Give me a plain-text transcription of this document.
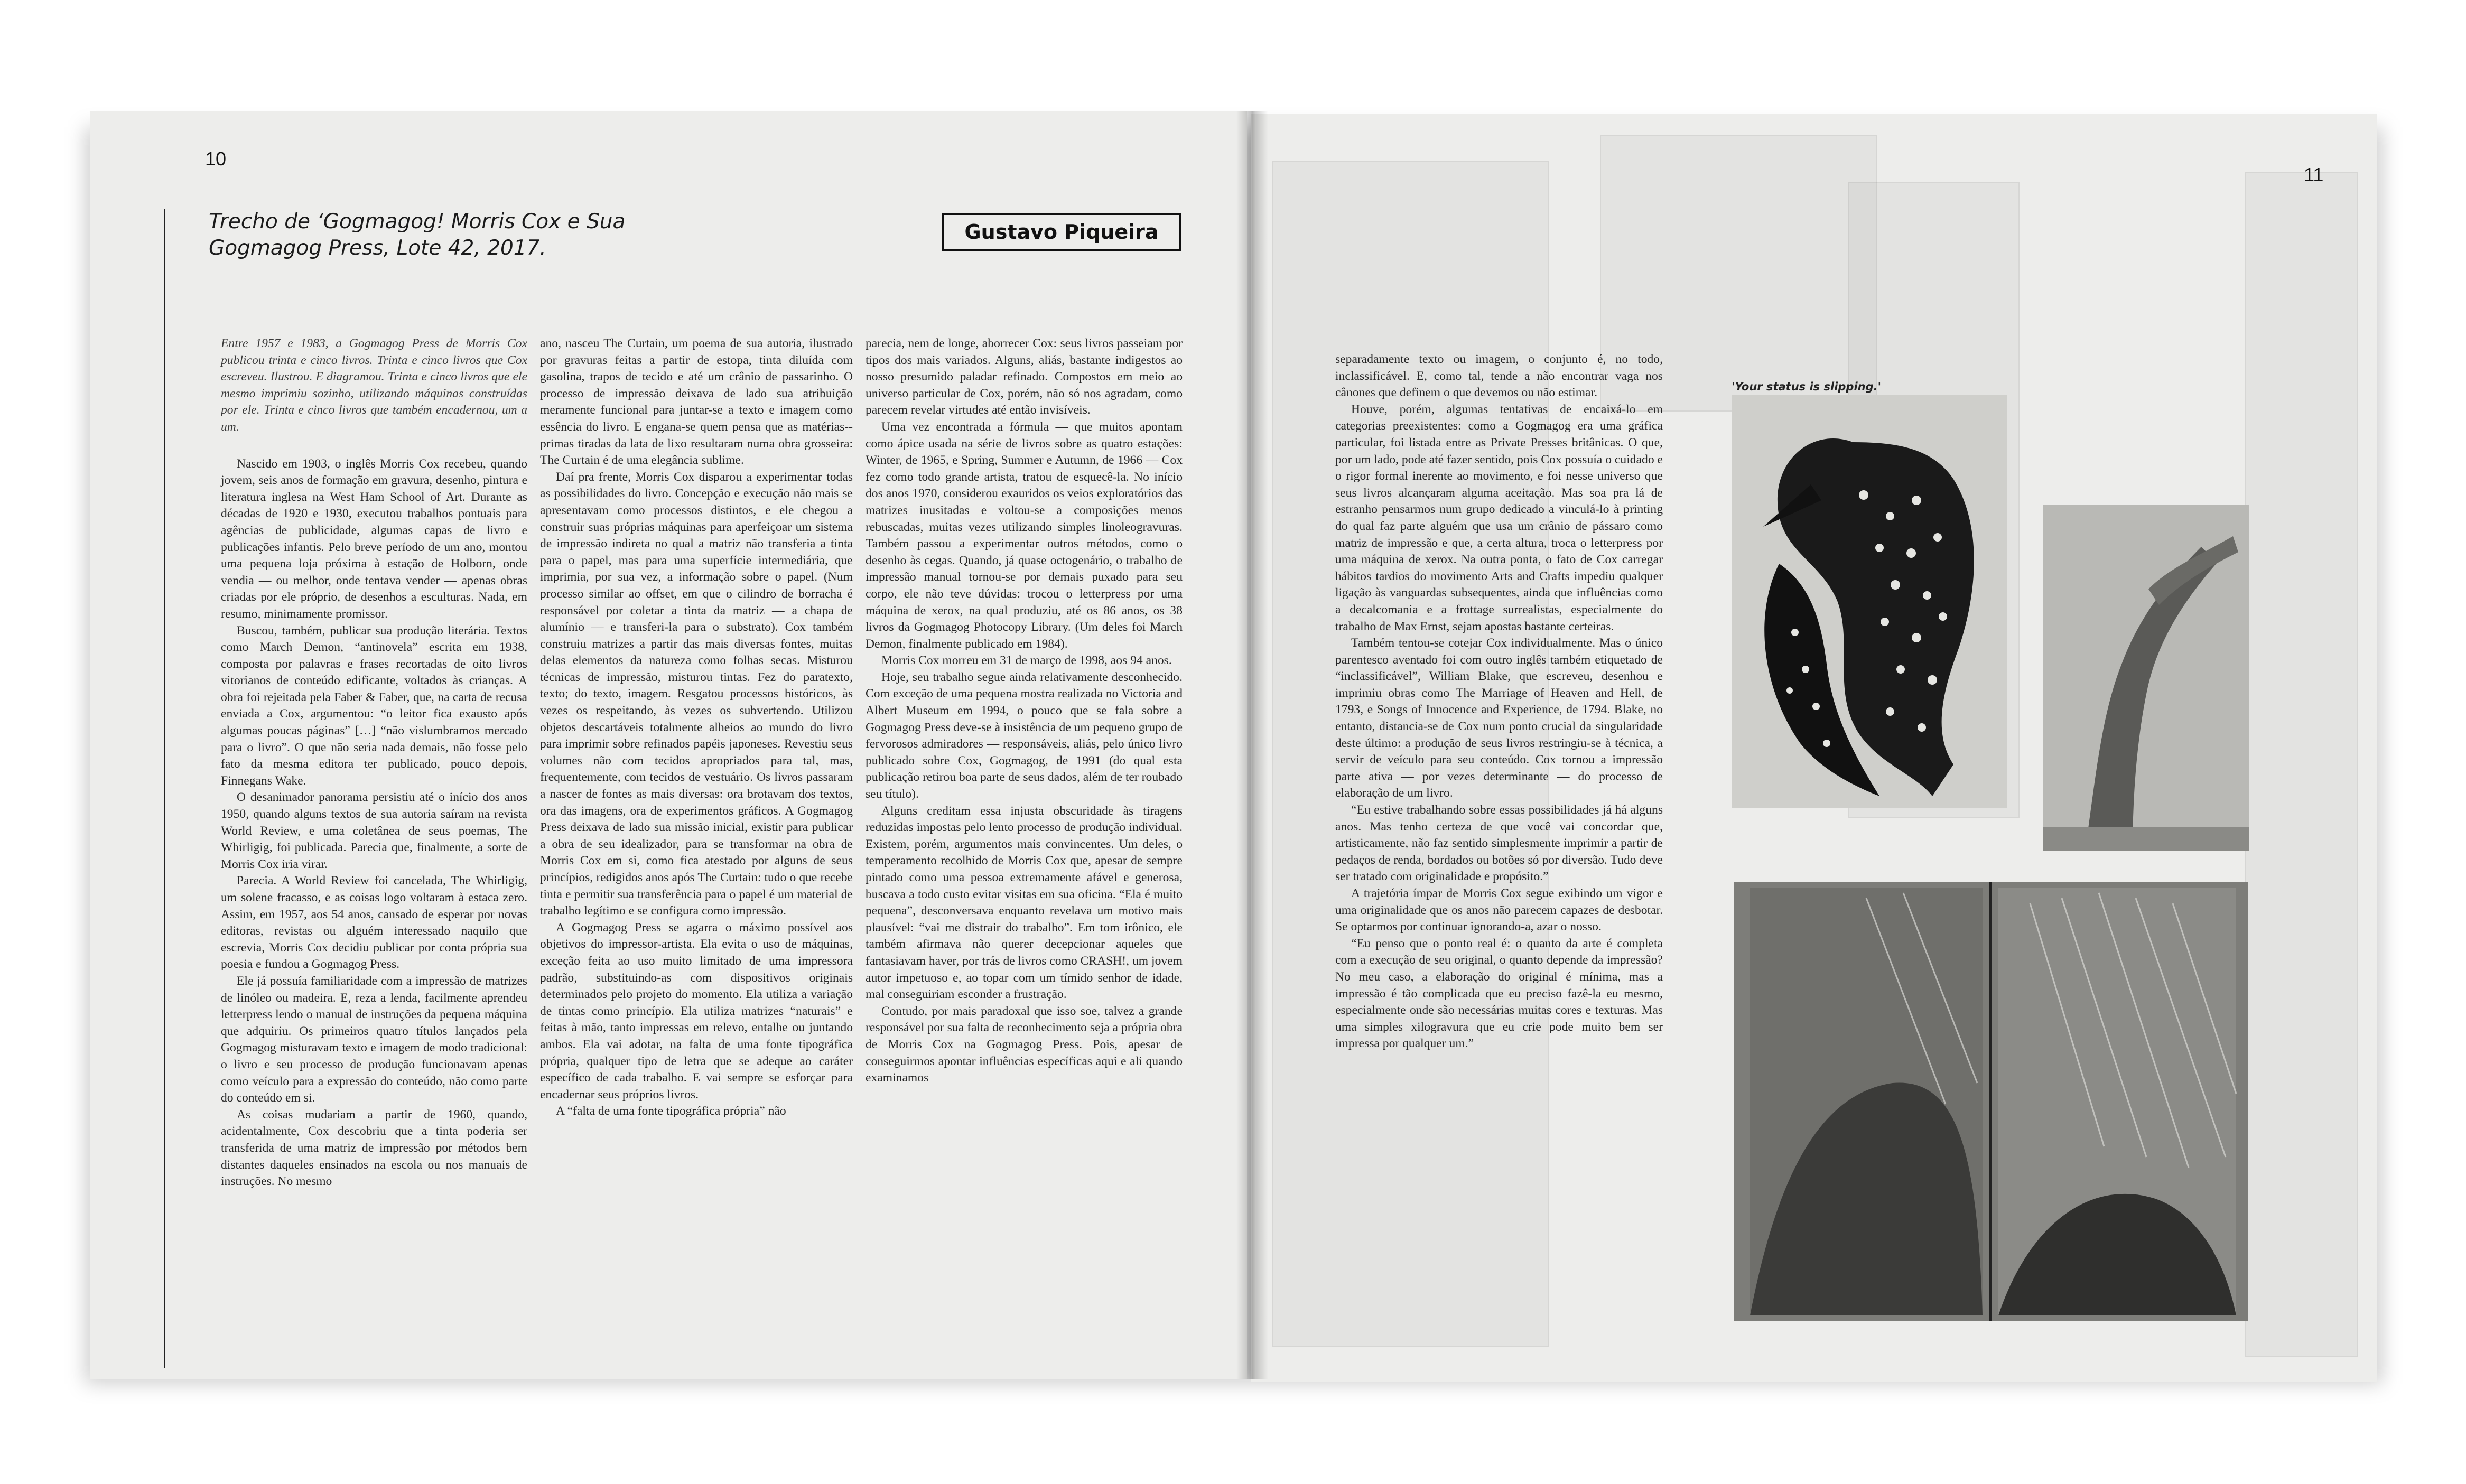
10
11
Trecho de ‘Gogmagog! Morris Cox e Sua Gogmagog Press, Lote 42, 2017.
Gustavo Piqueira

Entre 1957 e 1983, a Gogmagog Press de Morris Cox publicou trinta e cinco livros. Trinta e cinco livros que Cox escreveu. Ilustrou. E diagramou. Trinta e cinco livros que ele mesmo imprimiu sozinho, utilizando máquinas construídas por ele. Trinta e cinco livros que também encadernou, um a um.

Nascido em 1903, o inglês Morris Cox recebeu, quando jovem, seis anos de formação em gravura, desenho, pintura e literatura inglesa na West Ham School of Art. Durante as décadas de 1920 e 1930, executou trabalhos pontuais para agências de publicidade, algumas capas de livro e publicações infantis. Pelo breve período de um ano, montou uma pequena loja próxima à estação de Holborn, onde vendia — ou melhor, onde tentava vender — apenas obras criadas por ele próprio, de desenhos a esculturas. Nada, em resumo, minimamente promissor.

Buscou, também, publicar sua produção literária. Textos como March Demon, “antinovela” escrita em 1938, composta por palavras e frases recortadas de oito livros vitorianos de conteúdo edificante, voltados às crianças. A obra foi rejeitada pela Faber & Faber, que, na carta de recusa enviada a Cox, argumentou: “o leitor fica exausto após algumas poucas páginas” […] “não vislumbramos mercado para o livro”. O que não seria nada demais, não fosse pelo fato da mesma editora ter publicado, pouco depois, Finnegans Wake.

O desanimador panorama persistiu até o início dos anos 1950, quando alguns textos de sua autoria saíram na revista World Review, e uma coletânea de seus poemas, The Whirligig, foi publicada. Parecia que, finalmente, a sorte de Morris Cox iria virar.

Parecia. A World Review foi cancelada, The Whirligig, um solene fracasso, e as coisas logo voltaram à estaca zero. Assim, em 1957, aos 54 anos, cansado de esperar por novas editoras, revistas ou alguém interessado naquilo que escrevia, Morris Cox decidiu publicar por conta própria sua poesia e fundou a Gogmagog Press.

Ele já possuía familiaridade com a impressão de matrizes de linóleo ou madeira. E, reza a lenda, facilmente aprendeu letterpress lendo o manual de instruções da pequena máquina que adquiriu. Os primeiros quatro títulos lançados pela Gogmagog misturavam texto e imagem de modo tradicional: o livro e seu processo de produção funcionavam apenas como veículo para a expressão do conteúdo, não como parte do conteúdo em si.

As coisas mudariam a partir de 1960, quando, acidentalmente, Cox descobriu que a tinta poderia ser transferida de uma matriz de impressão por métodos bem distantes daqueles ensinados na escola ou nos manuais de instruções. No mesmo

ano, nasceu The Curtain, um poema de sua autoria, ilustrado por gravuras feitas a partir de estopa, tinta diluída com gasolina, trapos de tecido e até um crânio de passarinho. O processo de impressão deixava de lado sua atribuição meramente funcional para juntar-se a texto e imagem como essência do livro. E engana-se quem pensa que as matérias--primas tiradas da lata de lixo resultaram numa obra grosseira: The Curtain é de uma elegância sublime.

Daí pra frente, Morris Cox disparou a experimentar todas as possibilidades do livro. Concepção e execução não mais se apresentavam como processos distintos, e ele chegou a construir suas próprias máquinas para aperfeiçoar um sistema de impressão indireta no qual a matriz não transferia a tinta para o papel, mas para uma superfície intermediária, que imprimia, por sua vez, a informação sobre o papel. (Num processo similar ao offset, em que o cilindro de borracha é responsável por coletar a tinta da matriz — a chapa de alumínio — e transferi-la para o substrato). Cox também construiu matrizes a partir das mais diversas fontes, muitas delas elementos da natureza como folhas secas. Misturou técnicas de impressão, misturou tintas. Fez do paratexto, texto; do texto, imagem. Resgatou processos históricos, às vezes os respeitando, às vezes os subvertendo. Utilizou objetos descartáveis totalmente alheios ao mundo do livro para imprimir sobre refinados papéis japoneses. Revestiu seus volumes não com tecidos apropriados para tal, mas, frequentemente, com tecidos de vestuário. Os livros passaram a nascer de fontes as mais diversas: ora brotavam dos textos, ora das imagens, ora de experimentos gráficos. A Gogmagog Press deixava de lado sua missão inicial, existir para publicar a obra de seu idealizador, para se transformar na obra de Morris Cox em si, como fica atestado por alguns de seus princípios, redigidos anos após The Curtain: tudo o que recebe tinta e permitir sua transferência para o papel é um material de trabalho legítimo e se configura como impressão.

A Gogmagog Press se agarra o máximo possível aos objetivos do impressor-artista. Ela evita o uso de máquinas, exceção feita ao uso muito limitado de uma impressora padrão, substituindo-as com dispositivos originais determinados pelo projeto do momento. Ela utiliza a variação de tintas como princípio. Ela utiliza matrizes “naturais” e feitas à mão, tanto impressas em relevo, entalhe ou juntando ambos. Ela vai adotar, na falta de uma fonte tipográfica própria, qualquer tipo de letra que se adeque ao caráter específico de cada trabalho. E vai sempre se esforçar para encadernar seus próprios livros.

A “falta de uma fonte tipográfica própria” não

parecia, nem de longe, aborrecer Cox: seus livros passeiam por tipos dos mais variados. Alguns, aliás, bastante indigestos ao nosso presumido paladar refinado. Compostos em meio ao universo particular de Cox, porém, não só nos agradam, como parecem revelar virtudes até então invisíveis.

Uma vez encontrada a fórmula — que muitos apontam como ápice usada na série de livros sobre as quatro estações: Winter, de 1965, e Spring, Summer e Autumn, de 1966 — Cox fez como todo grande artista, tratou de esquecê-la. No início dos anos 1970, considerou exauridos os veios exploratórios das matrizes inusitadas e voltou-se a composições menos rebuscadas, muitas vezes utilizando simples linoleogravuras. Também passou a experimentar outros métodos, como o desenho às cegas. Quando, já quase octogenário, o trabalho de impressão manual tornou-se por demais puxado para seu corpo, ele não teve dúvidas: trocou o letterpress por uma máquina de xerox, na qual produziu, até os 86 anos, os 38 livros da Gogmagog Photocopy Library. (Um deles foi March Demon, finalmente publicado em 1984).

Morris Cox morreu em 31 de março de 1998, aos 94 anos.

Hoje, seu trabalho segue ainda relativamente desconhecido. Com exceção de uma pequena mostra realizada no Victoria and Albert Museum em 1994, o pouco que se fala sobre a Gogmagog Press deve-se à insistência de um pequeno grupo de fervorosos admiradores — responsáveis, aliás, pelo único livro publicado sobre Cox, Gogmagog, de 1991 (do qual esta publicação retirou boa parte de seus dados, além de ter roubado seu título).

Alguns creditam essa injusta obscuridade às tiragens reduzidas impostas pelo lento processo de produção individual. Existem, porém, argumentos mais convincentes. Um deles, o temperamento recolhido de Morris Cox que, apesar de sempre pintado como uma pessoa extremamente afável e generosa, buscava a todo custo evitar visitas em sua oficina. “Ela é muito pequena”, desconversava enquanto revelava um motivo mais plausível: “vai me distrair do trabalho”. Em tom irônico, ele também afirmava não querer decepcionar aqueles que fantasiavam haver, por trás de livros como CRASH!, um jovem autor impetuoso e, ao topar com um tímido senhor de idade, mal conseguiriam esconder a frustração.

Contudo, por mais paradoxal que isso soe, talvez a grande responsável por sua falta de reconhecimento seja a própria obra de Morris Cox na Gogmagog Press. Pois, apesar de conseguirmos apontar influências específicas aqui e ali quando examinamos

separadamente texto ou imagem, o conjunto é, no todo, inclassificável. E, como tal, tende a não encontrar vaga nos cânones que definem o que devemos ou não estimar.

Houve, porém, algumas tentativas de encaixá-lo em categorias preexistentes: como a Gogmagog era uma gráfica particular, foi listada entre as Private Presses britânicas. O que, por um lado, pode até fazer sentido, pois Cox possuía o cuidado e o rigor formal inerente ao movimento, e foi nesse universo que seus livros alcançaram alguma aceitação. Mas soa pra lá de estranho pensarmos num grupo dedicado a vinculá-lo à printing do qual faz parte alguém que usa um crânio de pássaro como matriz de impressão e que, a certa altura, troca o letterpress por uma máquina de xerox. Na outra ponta, o fato de Cox carregar hábitos tardios do movimento Arts and Crafts impediu qualquer ligação às vanguardas subsequentes, ainda que influências como a decalcomania e a frottage surrealistas, especialmente do trabalho de Max Ernst, sejam apostas bastante certeiras.

Também tentou-se cotejar Cox individualmente. Mas o único parentesco aventado foi com outro inglês também etiquetado de “inclassificável”, William Blake, que escreveu, desenhou e imprimiu obras como The Marriage of Heaven and Hell, de 1793, e Songs of Innocence and Experience, de 1794. Blake, no entanto, distancia-se de Cox num ponto crucial da singularidade deste último: a produção de seus livros restringiu-se à técnica, a servir de veículo para seu conteúdo. Cox tornou a impressão parte ativa — por vezes determinante — do processo de elaboração de um livro.

“Eu estive trabalhando sobre essas possibilidades já há alguns anos. Mas tenho certeza de que você vai concordar que, artisticamente, não faz sentido simplesmente imprimir a partir de pedaços de renda, bordados ou botões só por diversão. Tudo deve ser tratado com originalidade e propósito.”

A trajetória ímpar de Morris Cox segue exibindo um vigor e uma originalidade que os anos não parecem capazes de desbotar. Se optarmos por continuar ignorando-a, azar o nosso.

“Eu penso que o ponto real é: o quanto da arte é completa com a execução de seu original, o quanto depende da impressão? No meu caso, a elaboração do original é mínima, mas a impressão é tão complicada que eu preciso fazê-la eu mesmo, especialmente onde são necessárias muitas cores e texturas. Mas uma simples xilogravura que eu crie pode muito bem ser impressa por qualquer um.”

'Your status is slipping.'
